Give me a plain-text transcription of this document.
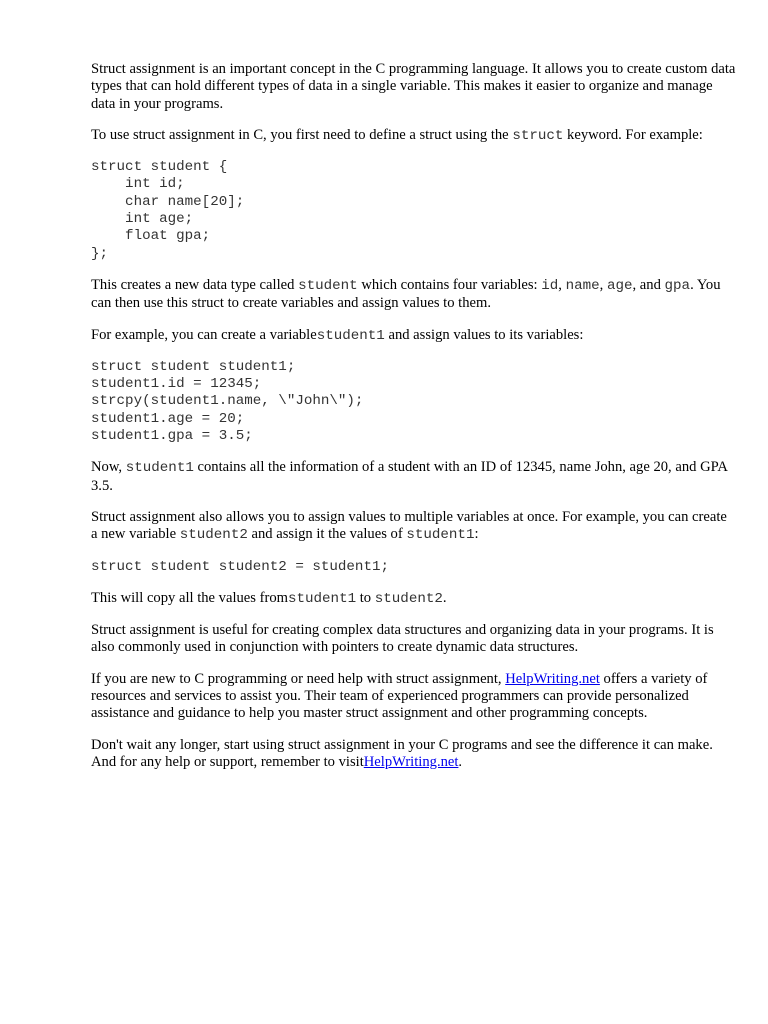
Struct assignment is an important concept in the C programming language. It allows you to create custom data types that can hold different types of data in a single variable. This makes it easier to organize and manage data in your programs.

To use struct assignment in C, you first need to define a struct using the struct keyword. For example:

struct student {
int id;
char name[20];
int age;
float gpa;
};

This creates a new data type called student which contains four variables: id, name, age, and gpa. You can then use this struct to create variables and assign values to them.

For example, you can create a variablestudent1 and assign values to its variables:

struct student student1;
student1.id = 12345;
strcpy(student1.name, \"John\");
student1.age = 20;
student1.gpa = 3.5;

Now, student1 contains all the information of a student with an ID of 12345, name John, age 20, and GPA 3.5.

Struct assignment also allows you to assign values to multiple variables at once. For example, you can create a new variable student2 and assign it the values of student1:

struct student student2 = student1;

This will copy all the values fromstudent1 to student2.

Struct assignment is useful for creating complex data structures and organizing data in your programs. It is also commonly used in conjunction with pointers to create dynamic data structures.

If you are new to C programming or need help with struct assignment, HelpWriting.net offers a variety of resources and services to assist you. Their team of experienced programmers can provide personalized assistance and guidance to help you master struct assignment and other programming concepts.

Don't wait any longer, start using struct assignment in your C programs and see the difference it can make. And for any help or support, remember to visitHelpWriting.net.
